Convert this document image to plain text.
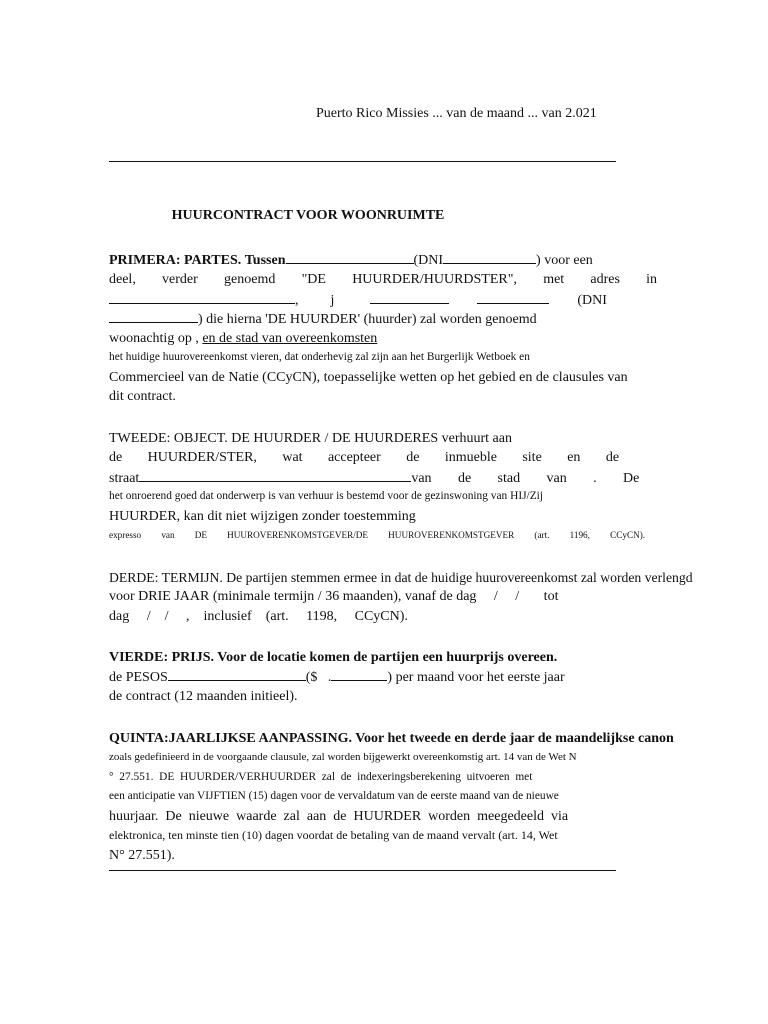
Puerto Rico Missies ... van de maand ... van 2.021

HUURCONTRACT VOOR WOONRUIMTE

PRIMERA: PARTES. Tussen	(DNI	) voor een

deel, verder genoemd "DE HUURDER/HUURDSTER", met adres in

, j	(DNI

) die hierna 'DE HUURDER' (huurder) zal worden genoemd

woonachtig op , en de stad van overeenkomsten

het huidige huurovereenkomst vieren, dat onderhevig zal zijn aan het Burgerlijk Wetboek en

Commercieel van de Natie (CCyCN), toepasselijke wetten op het gebied en de clausules van

dit contract.

TWEEDE: OBJECT. DE HUURDER / DE HUURDERES verhuurt aan

de HUURDER/STER, wat accepteer de inmueble site en de

straat	van de stad van . De

het onroerend goed dat onderwerp is van verhuur is bestemd voor de gezinswoning van HIJ/Zij

HUURDER, kan dit niet wijzigen zonder toestemming

expresso van DE HUUROVERENKOMSTGEVER/DE HUUROVERENKOMSTGEVER (art. 1196, CCyCN).

DERDE: TERMIJN. De partijen stemmen ermee in dat de huidige huurovereenkomst zal worden verlengd

voor DRIE JAAR (minimale termijn / 36 maanden), vanaf de dag     /     /       tot

dag     /    /     ,    inclusief    (art.     1198,     CCyCN).

VIERDE: PRIJS. Voor de locatie komen de partijen een huurprijs overeen.

de PESOS	($   .	) per maand voor het eerste jaar

de contract (12 maanden initieel).

QUINTA:JAARLIJKSE AANPASSING. Voor het tweede en derde jaar de maandelijkse canon

zoals gedefinieerd in de voorgaande clausule, zal worden bijgewerkt overeenkomstig art. 14 van de Wet N

°  27.551.  DE  HUURDER/VERHUURDER  zal  de  indexeringsberekening  uitvoeren  met

een anticipatie van VIJFTIEN (15) dagen voor de vervaldatum van de eerste maand van de nieuwe

huurjaar.  De  nieuwe  waarde  zal  aan  de  HUURDER  worden  meegedeeld  via

elektronica, ten minste tien (10) dagen voordat de betaling van de maand vervalt (art. 14, Wet

N° 27.551).
